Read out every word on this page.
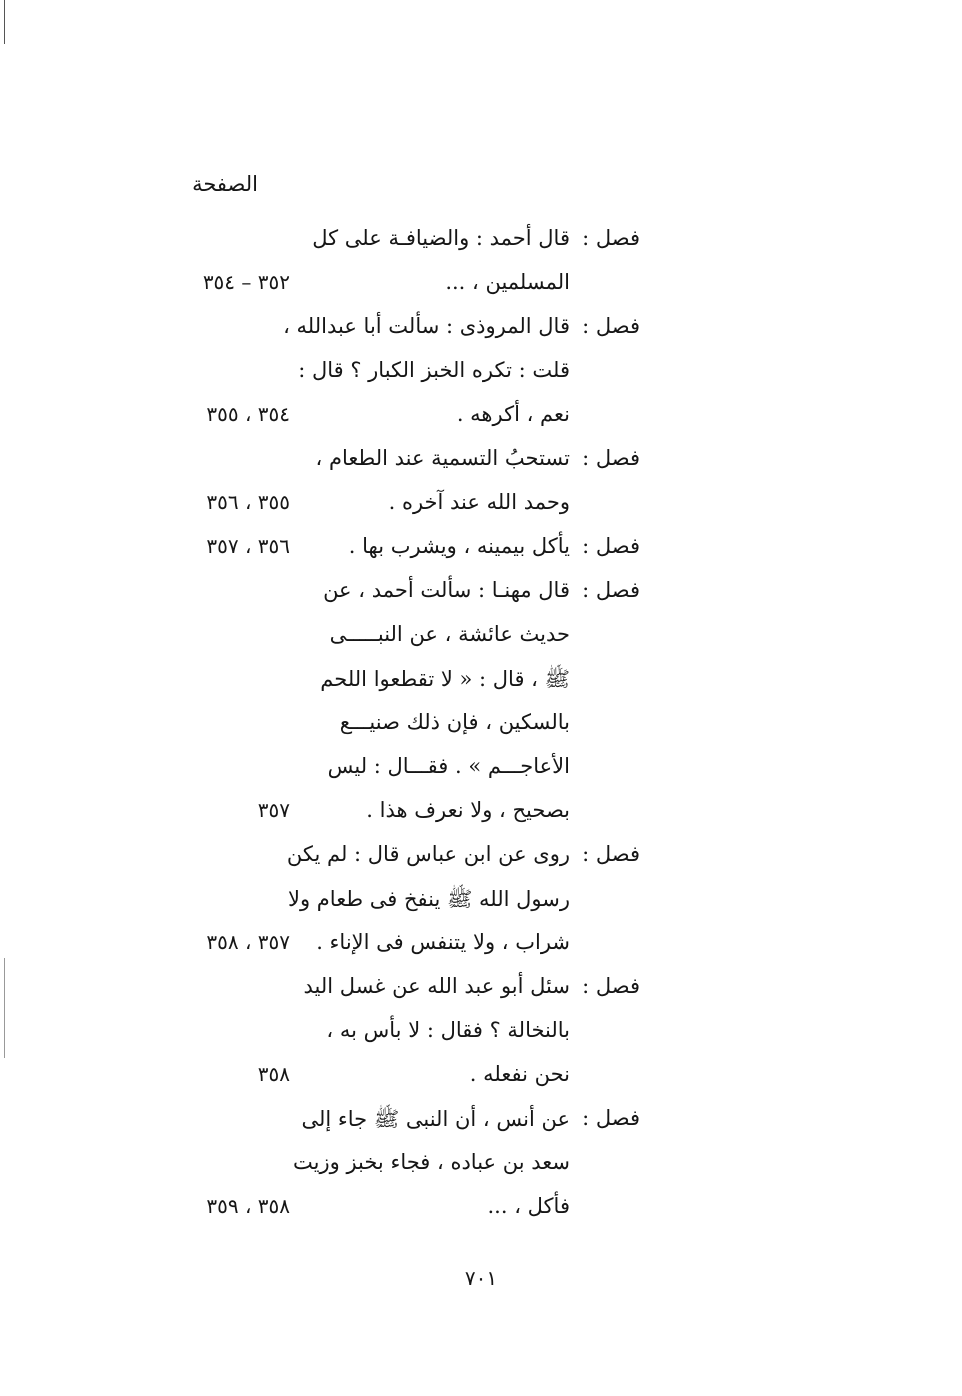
الصفحة
فصل :
قال أحمد : والضيافـة على كل
المسلمين ، ...
٣٥٢ – ٣٥٤
فصل :
قال المروذى : سألت أبا عبدالله ،
قلت : تكره الخبز الكبار ؟ قال :
نعم ، أكرهه .
٣٥٤ ، ٣٥٥
فصل :
تستحبُ التسمية عند الطعام ،
وحمد الله عند آخره .
٣٥٥ ، ٣٥٦
فصل :
يأكل بيمينه ، ويشرب بها .
٣٥٦ ، ٣٥٧
فصل :
قال مهنـا : سألت أحمد ، عن
حديث عائشة ، عن النبـــــى
ﷺ ، قال : « لا تقطعوا اللحم
بالسكين ، فإن ذلك صنيـــع
الأعاجـــم » . فقـــال : ليس
بصحيح ، ولا نعرف هذا .
٣٥٧
فصل :
روى عن ابن عباس قال : لم يكن
رسول الله ﷺ ينفخ فى طعام ولا
شراب ، ولا يتنفس فى الإناء .
٣٥٧ ، ٣٥٨
فصل :
سئل أبو عبد الله عن غسل اليد
بالنخالة ؟ فقال : لا بأس به ،
نحن نفعله .
٣٥٨
فصل :
عن أنس ، أن النبى ﷺ جاء إلى
سعد بن عباده ، فجاء بخبز وزيت
فأكل ، ...
٣٥٨ ، ٣٥٩
٧٠١
